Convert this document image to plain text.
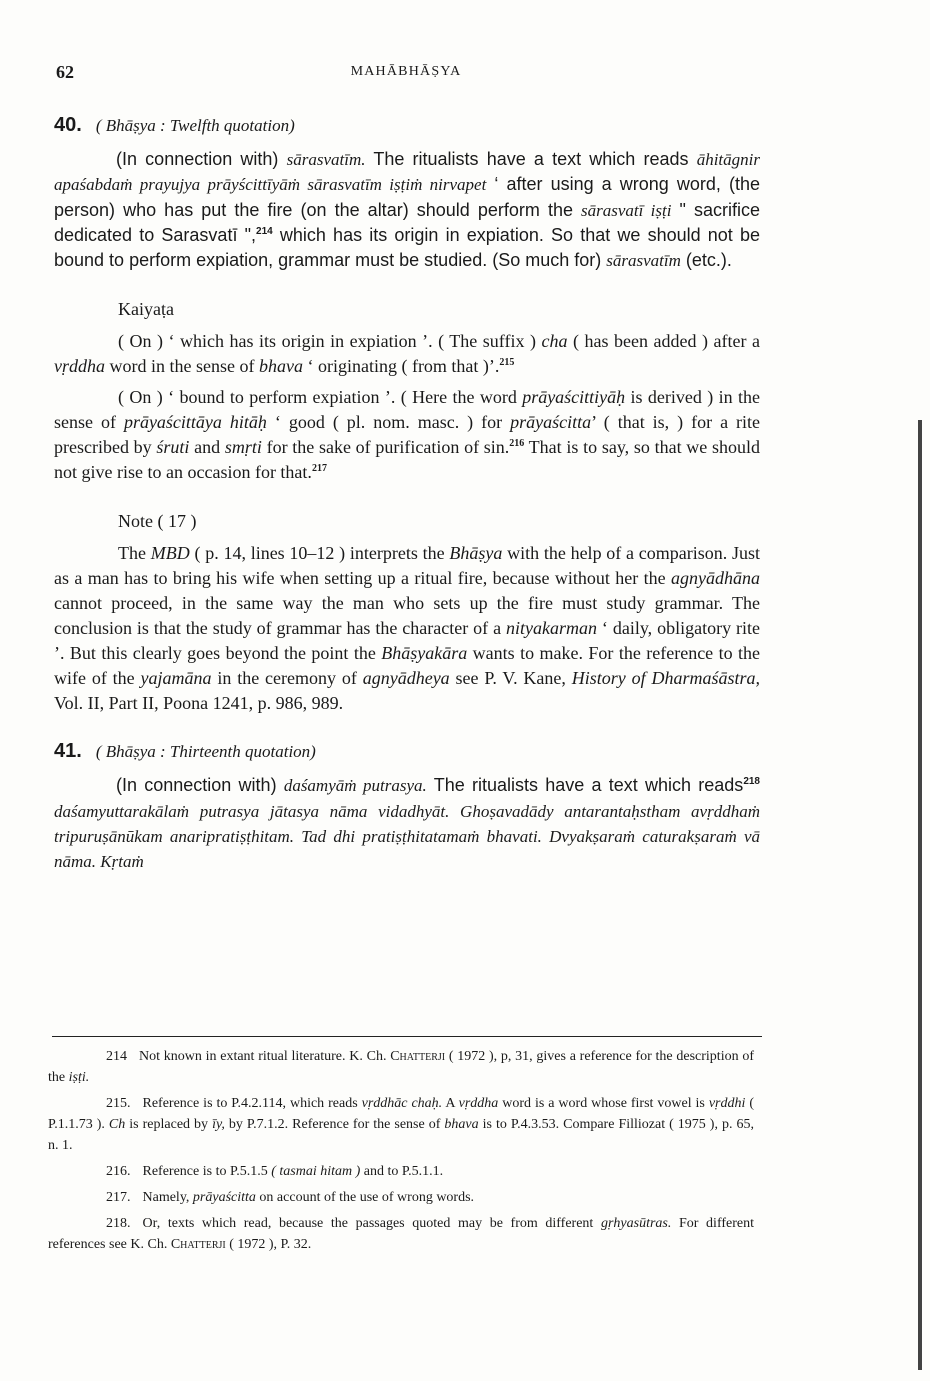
62	MAHĀBHĀṢYA
40. ( Bhāṣya : Twelfth quotation)

(In connection with) sārasvatīm. The ritualists have a text which reads āhitāgnir apaśabdaṁ prayujya prāyścittīyāṁ sārasvatīm iṣṭiṁ nirvapet ‘ after using a wrong word, (the person) who has put the fire (on the altar) should perform the sārasvatī iṣṭi " sacrifice dedicated to Sarasvatī ",$^{214}$ which has its origin in expiation. So that we should not be bound to perform expiation, grammar must be studied. (So much for) sārasvatīm (etc.).

Kaiyaṭa

( On ) ‘ which has its origin in expiation ’. ( The suffix ) cha ( has been added ) after a vṛddha word in the sense of bhava ‘ originating ( from that )’.$^{215}$

( On ) ‘ bound to perform expiation ’. ( Here the word prāyaścittiyāḥ is derived ) in the sense of prāyaścittāya hitāḥ ‘ good ( pl. nom. masc. ) for prāyaścitta’ ( that is, ) for a rite prescribed by śruti and smṛti for the sake of purification of sin.$^{216}$ That is to say, so that we should not give rise to an occasion for that.$^{217}$

Note ( 17 )

The MBD ( p. 14, lines 10–12 ) interprets the Bhāṣya with the help of a comparison. Just as a man has to bring his wife when setting up a ritual fire, because without her the agnyādhāna cannot proceed, in the same way the man who sets up the fire must study grammar. The conclusion is that the study of grammar has the character of a nityakarman ‘ daily, obligatory rite ’. But this clearly goes beyond the point the Bhāṣyakāra wants to make. For the reference to the wife of the yajamāna in the ceremony of agnyādheya see P. V. Kane, History of Dharmaśāstra, Vol. II, Part II, Poona 1241, p. 986, 989.

41. ( Bhāṣya : Thirteenth quotation)

(In connection with) daśamyāṁ putrasya. The ritualists have a text which reads$^{218}$ daśamyuttarakālaṁ putrasya jātasya nāma vidadhyāt. Ghoṣavadādy antarantaḥstham avṛddhaṁ tripuruṣānūkam anaripratiṣṭhitam. Tad dhi pratiṣṭhitatamaṁ bhavati. Dvyakṣaraṁ caturakṣaraṁ vā nāma. Kṛtaṁ

214 Not known in extant ritual literature. K. Ch. Chatterji ( 1972 ), p, 31, gives a reference for the description of the iṣṭi.

215. Reference is to P.4.2.114, which reads vṛddhāc chaḥ. A vṛddha word is a word whose first vowel is vṛddhi ( P.1.1.73 ). Ch is replaced by īy, by P.7.1.2. Reference for the sense of bhava is to P.4.3.53. Compare Filliozat ( 1975 ), p. 65, n. 1.

216. Reference is to P.5.1.5 ( tasmai hitam ) and to P.5.1.1.

217. Namely, prāyaścitta on account of the use of wrong words.

218. Or, texts which read, because the passages quoted may be from different gṛhyasūtras. For different references see K. Ch. Chatterji ( 1972 ), P. 32.
